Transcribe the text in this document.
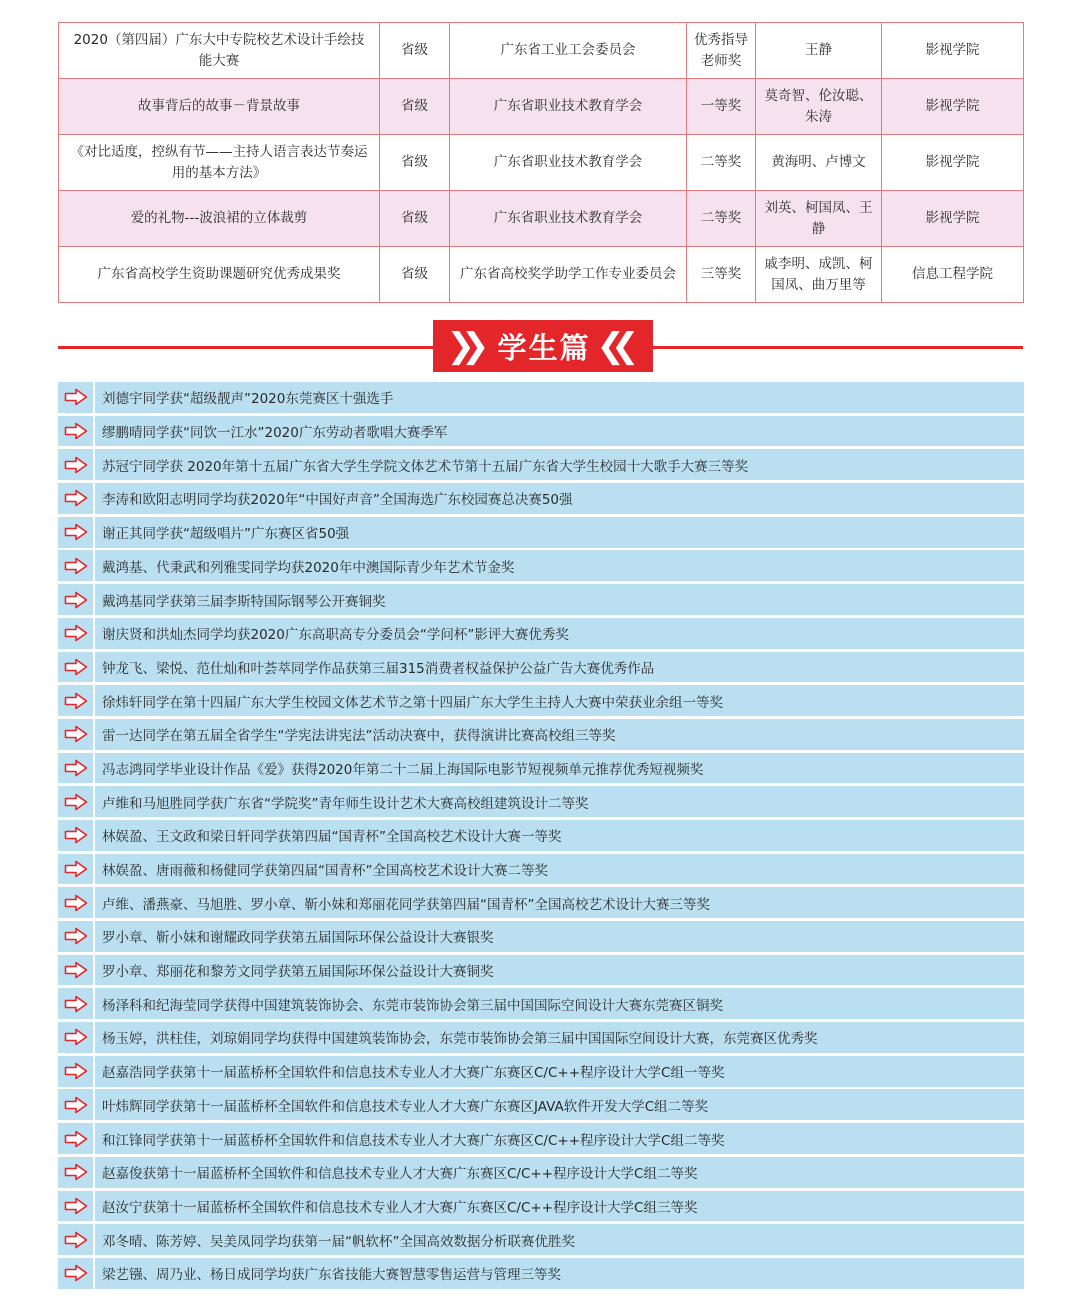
2020（第四届）广东大中专院校艺术设计手绘技能大赛	省级	广东省工业工会委员会	优秀指导老师奖	王静	影视学院
故事背后的故事－背景故事	省级	广东省职业技术教育学会	一等奖	莫奇智、伦汝聪、朱涛	影视学院
《对比适度，控纵有节——主持人语言表达节奏运用的基本方法》	省级	广东省职业技术教育学会	二等奖	黄海明、卢博文	影视学院
爱的礼物---波浪裙的立体裁剪	省级	广东省职业技术教育学会	二等奖	刘英、柯国凤、王静	影视学院
广东省高校学生资助课题研究优秀成果奖	省级	广东省高校奖学助学工作专业委员会	三等奖	戚李明、成凯、柯国凤、曲万里等	信息工程学院
❯❯ 学生篇 ❮❮
刘德宇同学获“超级靓声”2020东莞赛区十强选手
缪鹏晴同学获“同饮一江水”2020广东劳动者歌唱大赛季军
苏冠宁同学获 2020年第十五届广东省大学生学院文体艺术节第十五届广东省大学生校园十大歌手大赛三等奖
李涛和欧阳志明同学均获2020年“中国好声音”全国海选广东校园赛总决赛50强
谢正其同学获“超级唱片”广东赛区省50强
戴鸿基、代秉武和列雅雯同学均获2020年中澳国际青少年艺术节金奖
戴鸿基同学获第三届李斯特国际钢琴公开赛铜奖
谢庆贤和洪灿杰同学均获2020广东高职高专分委员会“学问杯”影评大赛优秀奖
钟龙飞、梁悦、范仕灿和叶荟萃同学作品获第三届315消费者权益保护公益广告大赛优秀作品
徐炜轩同学在第十四届广东大学生校园文体艺术节之第十四届广东大学生主持人大赛中荣获业余组一等奖
雷一达同学在第五届全省学生“学宪法讲宪法”活动决赛中，获得演讲比赛高校组三等奖
冯志鸿同学毕业设计作品《爱》获得2020年第二十二届上海国际电影节短视频单元推荐优秀短视频奖
卢维和马旭胜同学获广东省“学院奖”青年师生设计艺术大赛高校组建筑设计二等奖
林娱盈、王文政和梁日轩同学获第四届“国青杯”全国高校艺术设计大赛一等奖
林娱盈、唐雨薇和杨健同学获第四届“国青杯”全国高校艺术设计大赛二等奖
卢维、潘燕豪、马旭胜、罗小章、靳小妹和郑丽花同学获第四届“国青杯”全国高校艺术设计大赛三等奖
罗小章、靳小妹和谢耀政同学获第五届国际环保公益设计大赛银奖
罗小章、郑丽花和黎芳文同学获第五届国际环保公益设计大赛铜奖
杨泽科和纪海莹同学获得中国建筑装饰协会、东莞市装饰协会第三届中国国际空间设计大赛东莞赛区铜奖
杨玉婷，洪柱佳，刘琼娟同学均获得中国建筑装饰协会，东莞市装饰协会第三届中国国际空间设计大赛，东莞赛区优秀奖
赵嘉浩同学获第十一届蓝桥杯全国软件和信息技术专业人才大赛广东赛区C/C++程序设计大学C组一等奖
叶炜辉同学获第十一届蓝桥杯全国软件和信息技术专业人才大赛广东赛区JAVA软件开发大学C组二等奖
和江锋同学获第十一届蓝桥杯全国软件和信息技术专业人才大赛广东赛区C/C++程序设计大学C组二等奖
赵嘉俊获第十一届蓝桥杯全国软件和信息技术专业人才大赛广东赛区C/C++程序设计大学C组二等奖
赵汝宁获第十一届蓝桥杯全国软件和信息技术专业人才大赛广东赛区C/C++程序设计大学C组三等奖
邓冬晴、陈芳婷、吴美凤同学均获第一届“帆软杯”全国高效数据分析联赛优胜奖
梁艺镪、周乃业、杨日成同学均获广东省技能大赛智慧零售运营与管理三等奖
